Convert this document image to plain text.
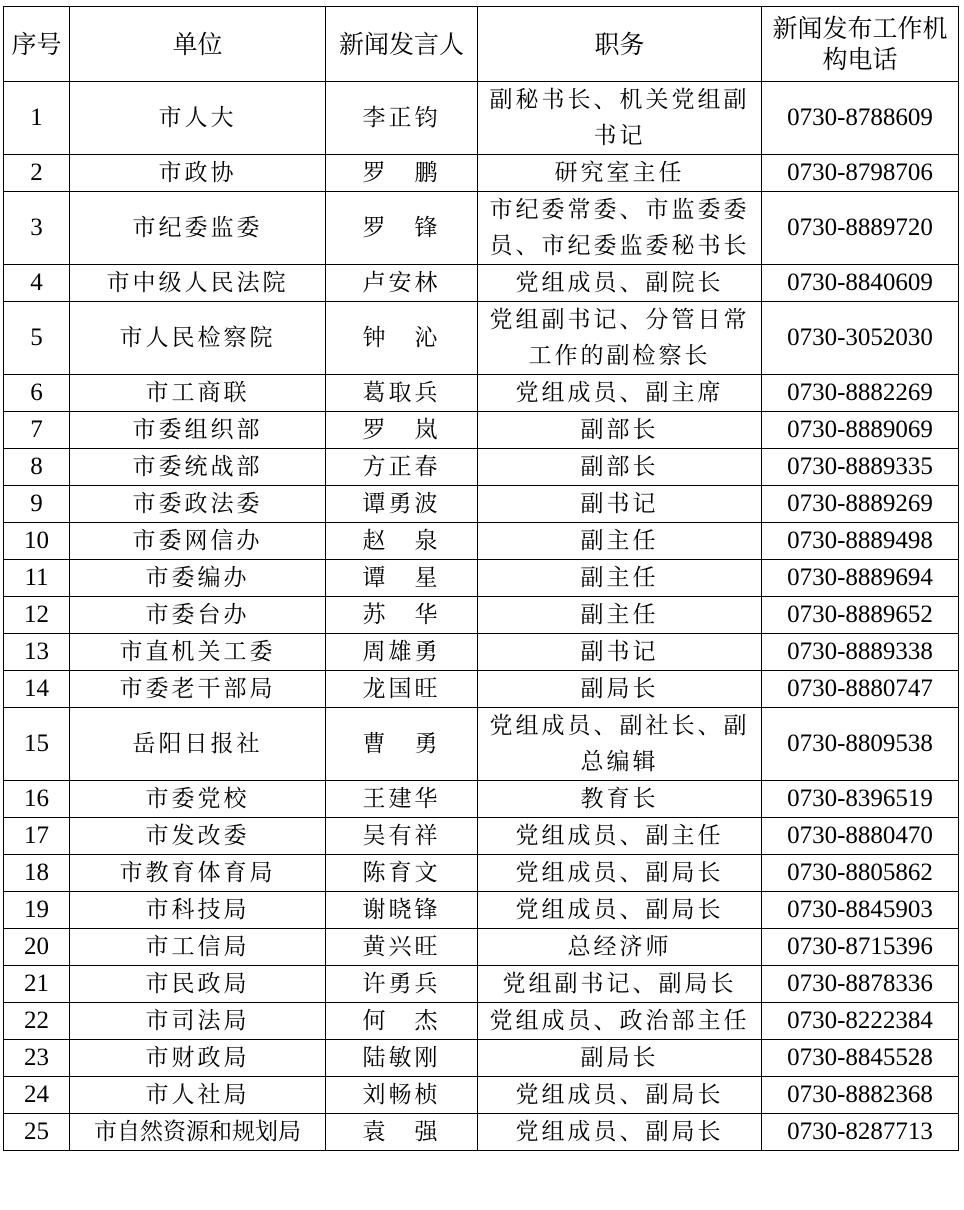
序号	单位	新闻发言人	职务	新闻发布工作机构电话
1	市人大	李正钧	副秘书长、机关党组副书记	0730-8788609
2	市政协	罗　鹏	研究室主任	0730-8798706
3	市纪委监委	罗　锋	市纪委常委、市监委委员、市纪委监委秘书长	0730-8889720
4	市中级人民法院	卢安林	党组成员、副院长	0730-8840609
5	市人民检察院	钟　沁	党组副书记、分管日常工作的副检察长	0730-3052030
6	市工商联	葛取兵	党组成员、副主席	0730-8882269
7	市委组织部	罗　岚	副部长	0730-8889069
8	市委统战部	方正春	副部长	0730-8889335
9	市委政法委	谭勇波	副书记	0730-8889269
10	市委网信办	赵　泉	副主任	0730-8889498
11	市委编办	谭　星	副主任	0730-8889694
12	市委台办	苏　华	副主任	0730-8889652
13	市直机关工委	周雄勇	副书记	0730-8889338
14	市委老干部局	龙国旺	副局长	0730-8880747
15	岳阳日报社	曹　勇	党组成员、副社长、副总编辑	0730-8809538
16	市委党校	王建华	教育长	0730-8396519
17	市发改委	吴有祥	党组成员、副主任	0730-8880470
18	市教育体育局	陈育文	党组成员、副局长	0730-8805862
19	市科技局	谢晓锋	党组成员、副局长	0730-8845903
20	市工信局	黄兴旺	总经济师	0730-8715396
21	市民政局	许勇兵	党组副书记、副局长	0730-8878336
22	市司法局	何　杰	党组成员、政治部主任	0730-8222384
23	市财政局	陆敏刚	副局长	0730-8845528
24	市人社局	刘畅桢	党组成员、副局长	0730-8882368
25	市自然资源和规划局	袁　强	党组成员、副局长	0730-8287713
